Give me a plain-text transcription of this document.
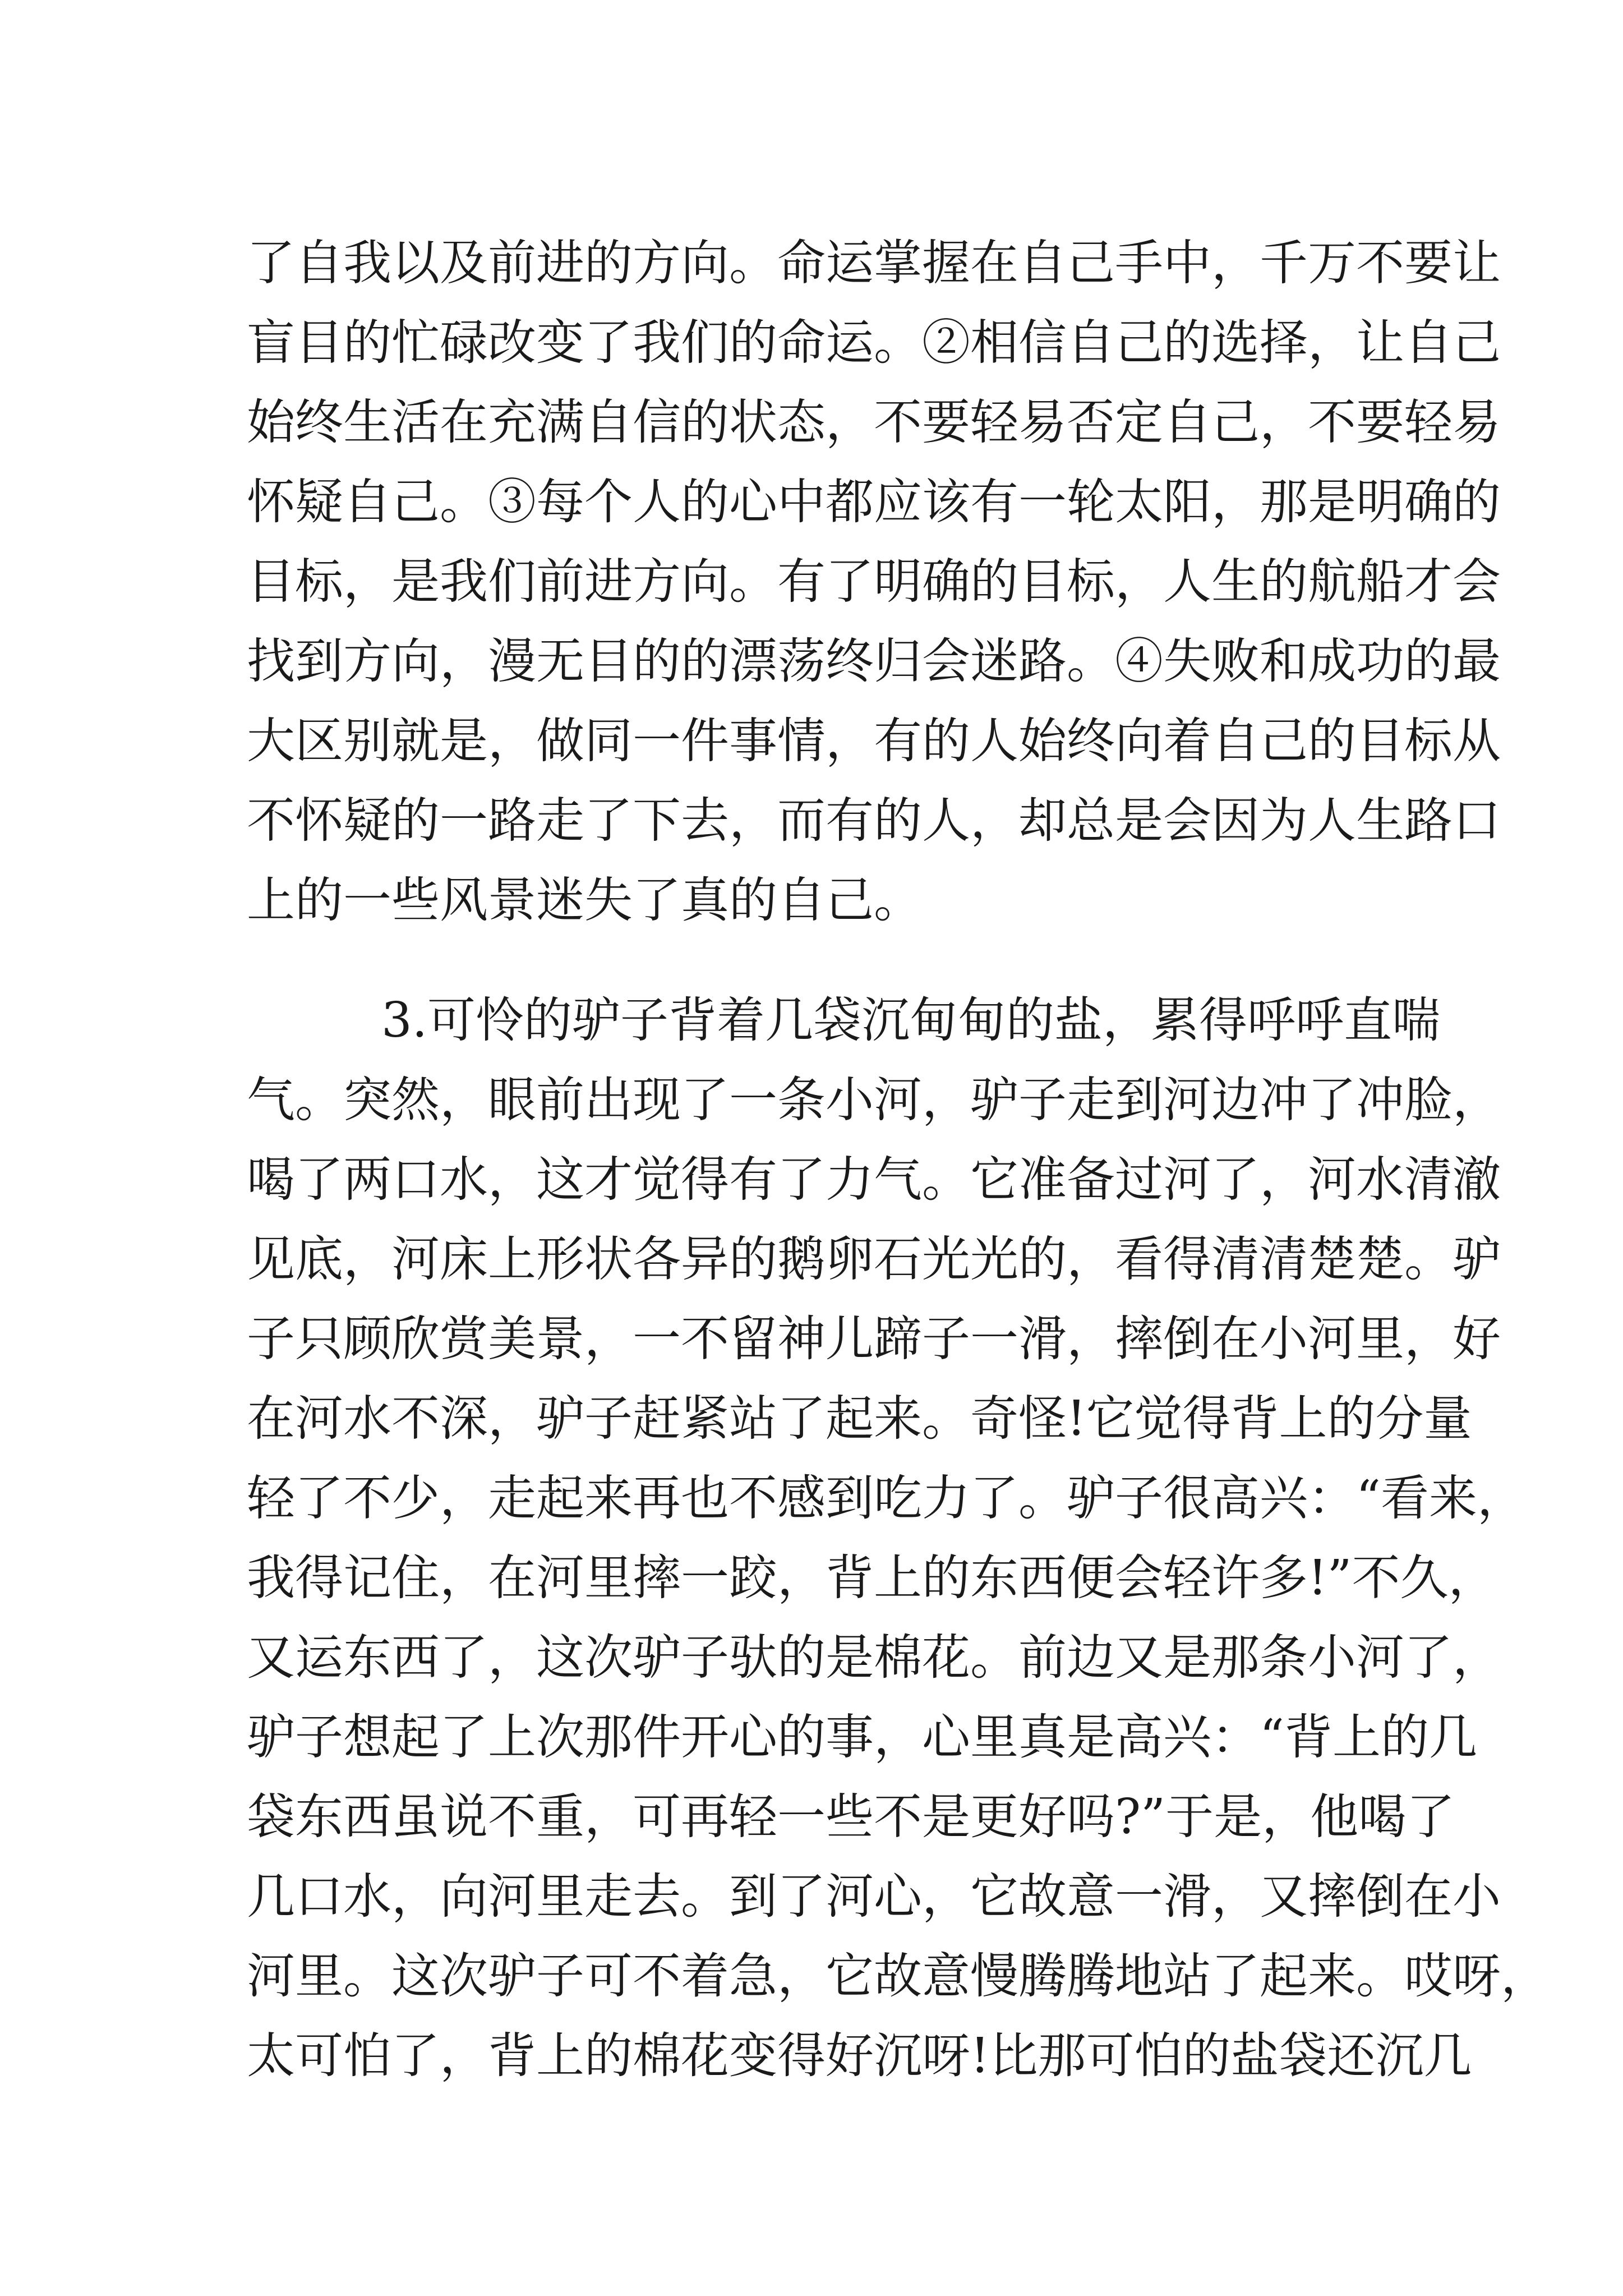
了自我以及前进的方向。命运掌握在自己手中，千万不要让
盲目的忙碌改变了我们的命运。②相信自己的选择，让自己
始终生活在充满自信的状态，不要轻易否定自己，不要轻易
怀疑自己。③每个人的心中都应该有一轮太阳，那是明确的
目标，是我们前进方向。有了明确的目标，人生的航船才会
找到方向，漫无目的的漂荡终归会迷路。④失败和成功的最
大区别就是，做同一件事情，有的人始终向着自己的目标从
不怀疑的一路走了下去，而有的人，却总是会因为人生路口
上的一些风景迷失了真的自己。
3.可怜的驴子背着几袋沉甸甸的盐，累得呼呼直喘
气。突然，眼前出现了一条小河，驴子走到河边冲了冲脸，
喝了两口水，这才觉得有了力气。它准备过河了，河水清澈
见底，河床上形状各异的鹅卵石光光的，看得清清楚楚。驴
子只顾欣赏美景，一不留神儿蹄子一滑，摔倒在小河里，好
在河水不深，驴子赶紧站了起来。奇怪!它觉得背上的分量
轻了不少，走起来再也不感到吃力了。驴子很高兴：“看来，
我得记住，在河里摔一跤，背上的东西便会轻许多!”不久，
又运东西了，这次驴子驮的是棉花。前边又是那条小河了，
驴子想起了上次那件开心的事，心里真是高兴：“背上的几
袋东西虽说不重，可再轻一些不是更好吗?”于是，他喝了
几口水，向河里走去。到了河心，它故意一滑，又摔倒在小
河里。这次驴子可不着急，它故意慢腾腾地站了起来。哎呀，
太可怕了，背上的棉花变得好沉呀!比那可怕的盐袋还沉几
